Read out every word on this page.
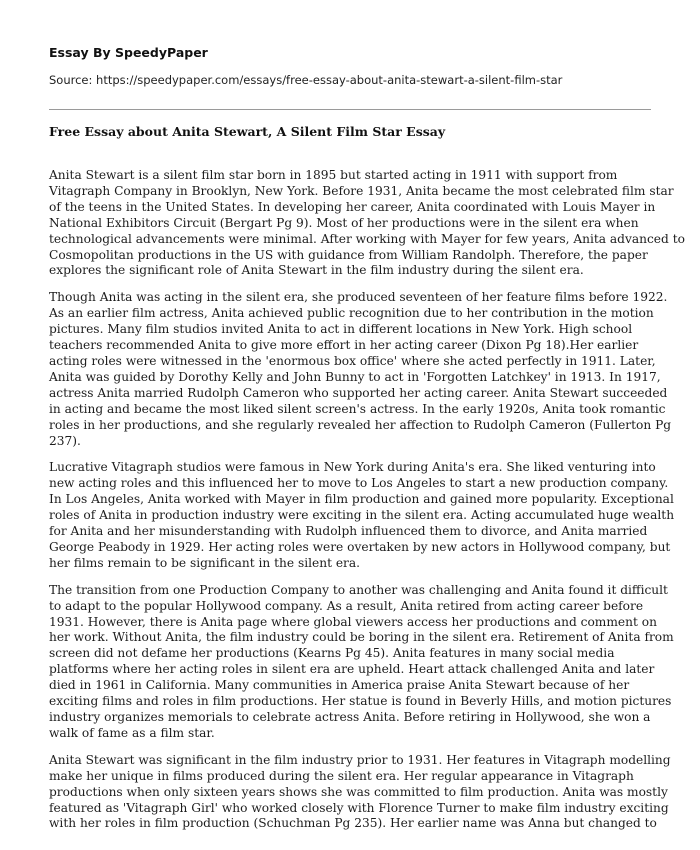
Essay By SpeedyPaper
Source: https://speedypaper.com/essays/free-essay-about-anita-stewart-a-silent-film-star
Free Essay about Anita Stewart, A Silent Film Star Essay

Anita Stewart is a silent film star born in 1895 but started acting in 1911 with support from
Vitagraph Company in Brooklyn, New York. Before 1931, Anita became the most celebrated film star
of the teens in the United States. In developing her career, Anita coordinated with Louis Mayer in
National Exhibitors Circuit (Bergart Pg 9). Most of her productions were in the silent era when
technological advancements were minimal. After working with Mayer for few years, Anita advanced to
Cosmopolitan productions in the US with guidance from William Randolph. Therefore, the paper
explores the significant role of Anita Stewart in the film industry during the silent era.

Though Anita was acting in the silent era, she produced seventeen of her feature films before 1922.
As an earlier film actress, Anita achieved public recognition due to her contribution in the motion
pictures. Many film studios invited Anita to act in different locations in New York. High school
teachers recommended Anita to give more effort in her acting career (Dixon Pg 18).Her earlier
acting roles were witnessed in the 'enormous box office' where she acted perfectly in 1911. Later,
Anita was guided by Dorothy Kelly and John Bunny to act in 'Forgotten Latchkey' in 1913. In 1917,
actress Anita married Rudolph Cameron who supported her acting career. Anita Stewart succeeded
in acting and became the most liked silent screen's actress. In the early 1920s, Anita took romantic
roles in her productions, and she regularly revealed her affection to Rudolph Cameron (Fullerton Pg
237).

Lucrative Vitagraph studios were famous in New York during Anita's era. She liked venturing into
new acting roles and this influenced her to move to Los Angeles to start a new production company.
In Los Angeles, Anita worked with Mayer in film production and gained more popularity. Exceptional
roles of Anita in production industry were exciting in the silent era. Acting accumulated huge wealth
for Anita and her misunderstanding with Rudolph influenced them to divorce, and Anita married
George Peabody in 1929. Her acting roles were overtaken by new actors in Hollywood company, but
her films remain to be significant in the silent era.

The transition from one Production Company to another was challenging and Anita found it difficult
to adapt to the popular Hollywood company. As a result, Anita retired from acting career before
1931. However, there is Anita page where global viewers access her productions and comment on
her work. Without Anita, the film industry could be boring in the silent era. Retirement of Anita from
screen did not defame her productions (Kearns Pg 45). Anita features in many social media
platforms where her acting roles in silent era are upheld. Heart attack challenged Anita and later
died in 1961 in California. Many communities in America praise Anita Stewart because of her
exciting films and roles in film productions. Her statue is found in Beverly Hills, and motion pictures
industry organizes memorials to celebrate actress Anita. Before retiring in Hollywood, she won a
walk of fame as a film star.

Anita Stewart was significant in the film industry prior to 1931. Her features in Vitagraph modelling
make her unique in films produced during the silent era. Her regular appearance in Vitagraph
productions when only sixteen years shows she was committed to film production. Anita was mostly
featured as 'Vitagraph Girl' who worked closely with Florence Turner to make film industry exciting
with her roles in film production (Schuchman Pg 235). Her earlier name was Anna but changed to
